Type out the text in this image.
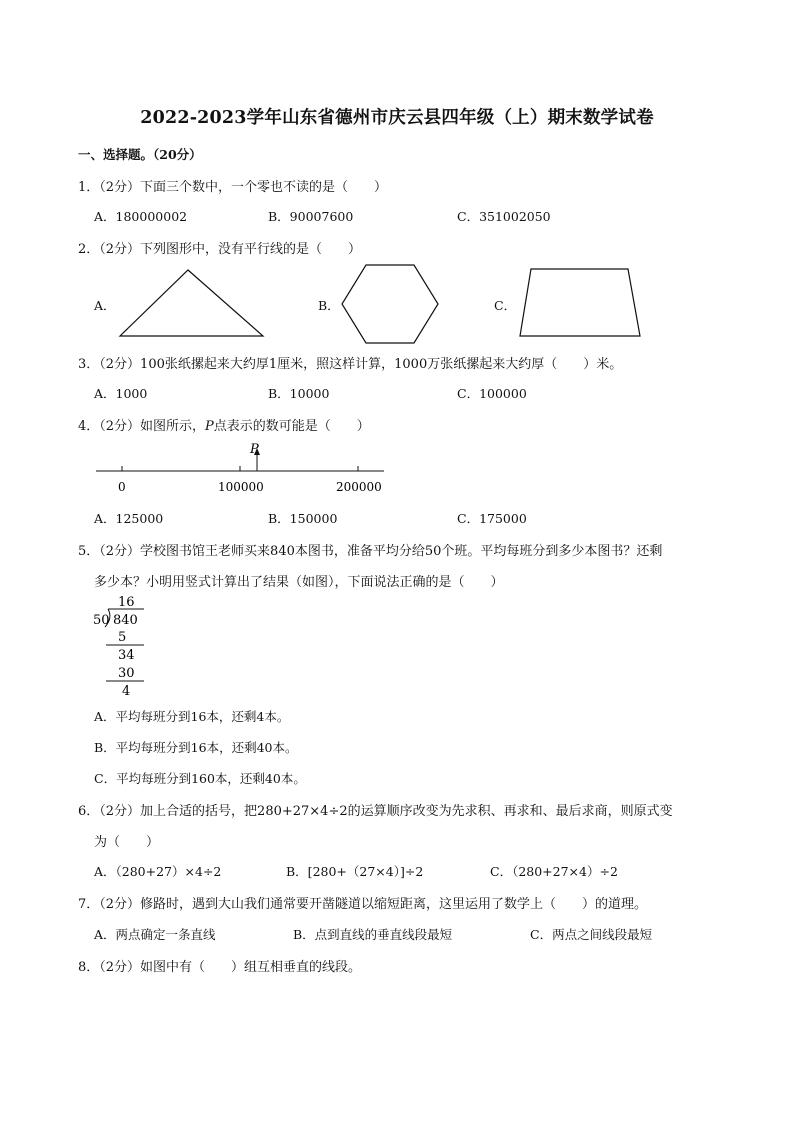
2022-2023学年山东省德州市庆云县四年级（上）期末数学试卷
一、选择题。（20分）
1．（2分）下面三个数中，一个零也不读的是（　　）
A．180000002	B．90007600	C．351002050
2．（2分）下列图形中，没有平行线的是（　　）
A．	B．	C．
3．（2分）100张纸摞起来大约厚1厘米，照这样计算，1000万张纸摞起来大约厚（　　）米。
A．1000	B．10000	C．100000
4．（2分）如图所示，P点表示的数可能是（　　）
P
0	100000	200000
A．125000	B．150000	C．175000
5．（2分）学校图书馆王老师买来840本图书，准备平均分给50个班。平均每班分到多少本图书？还剩
多少本？小明用竖式计算出了结果（如图），下面说法正确的是（　　）
16
50 840
5
34
30
4
A．平均每班分到16本，还剩4本。
B．平均每班分到16本，还剩40本。
C．平均每班分到160本，还剩40本。
6．（2分）加上合适的括号，把280+27×4÷2的运算顺序改变为先求积、再求和、最后求商，则原式变
为（　　）
A．（280+27）×4÷2	B．[280+（27×4）]÷2	C．（280+27×4）÷2
7．（2分）修路时，遇到大山我们通常要开凿隧道以缩短距离，这里运用了数学上（　　）的道理。
A．两点确定一条直线	B．点到直线的垂直线段最短	C．两点之间线段最短
8．（2分）如图中有（　　）组互相垂直的线段。
